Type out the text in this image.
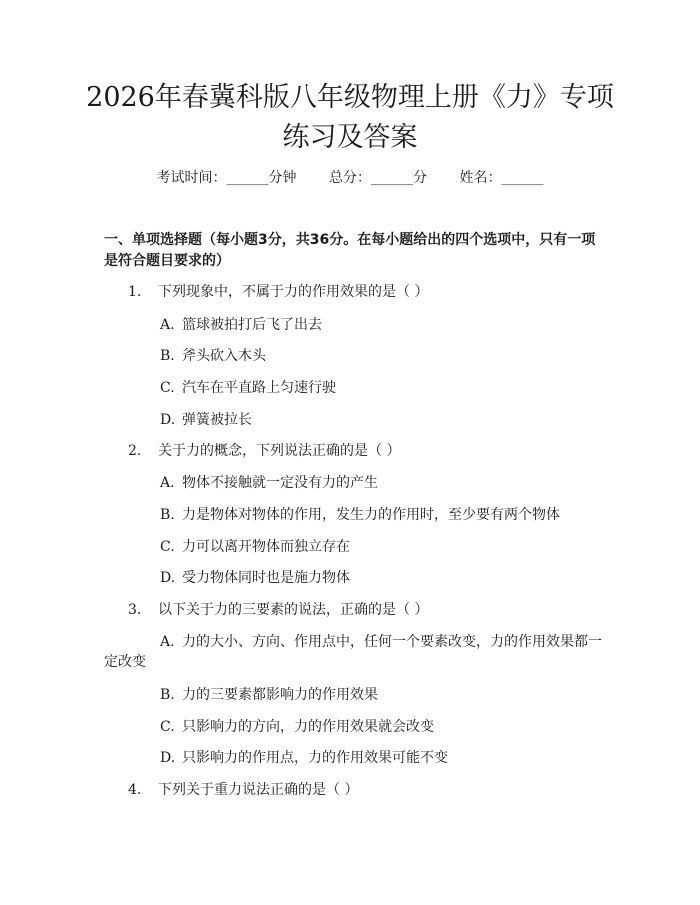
2026年春冀科版八年级物理上册《力》专项
练习及答案
考试时间：______分钟 总分：______分 姓名：______

一、单项选择题（每小题3分，共36分。在每小题给出的四个选项中，只有一项是符合题目要求的）

1. 下列现象中，不属于力的作用效果的是（ ）
A. 篮球被拍打后飞了出去
B. 斧头砍入木头
C. 汽车在平直路上匀速行驶
D. 弹簧被拉长
2. 关于力的概念，下列说法正确的是（ ）
A. 物体不接触就一定没有力的产生
B. 力是物体对物体的作用，发生力的作用时，至少要有两个物体
C. 力可以离开物体而独立存在
D. 受力物体同时也是施力物体
3. 以下关于力的三要素的说法，正确的是（ ）
A. 力的大小、方向、作用点中，任何一个要素改变，力的作用效果都一
定改变
B. 力的三要素都影响力的作用效果
C. 只影响力的方向，力的作用效果就会改变
D. 只影响力的作用点，力的作用效果可能不变
4. 下列关于重力说法正确的是（ ）
